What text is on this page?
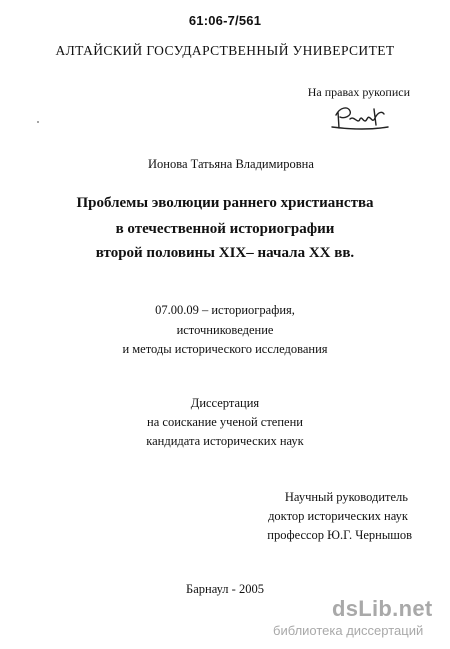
61:06-7/561
АЛТАЙСКИЙ ГОСУДАРСТВЕННЫЙ УНИВЕРСИТЕТ
На правах рукописи
Ионова Татьяна Владимировна
Проблемы эволюции раннего христианства
в отечественной историографии
второй половины XIX– начала XX вв.
07.00.09 – историография,
источниковедение
и методы исторического исследования
Диссертация
на соискание ученой степени
кандидата исторических наук
Научный руководитель
доктор исторических наук
профессор Ю.Г. Чернышов
Барнаул - 2005
dsLib.net
библиотека диссертаций
